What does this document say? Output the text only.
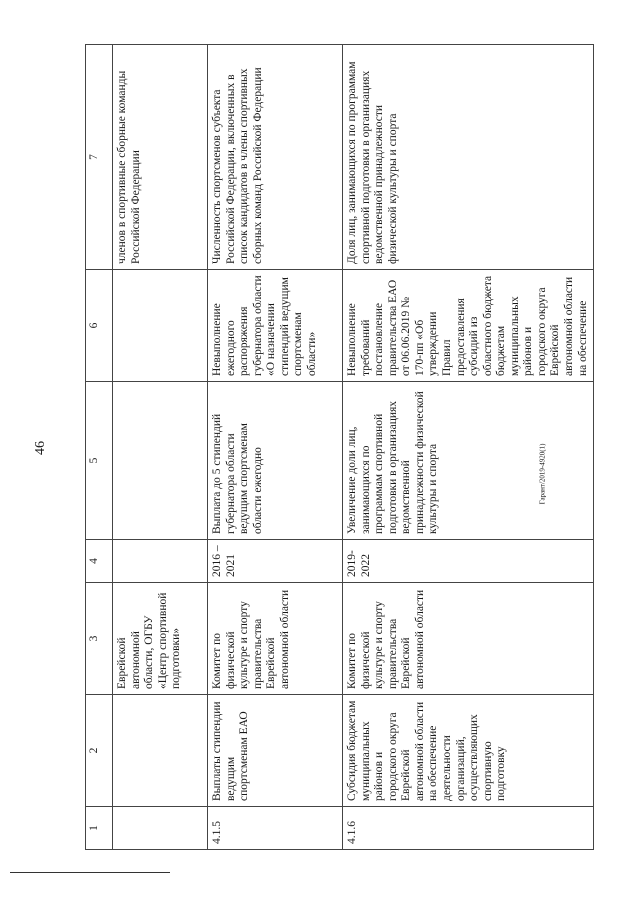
46	Гарант/2019-4920(1)
1	2	3	4	5	6	7
		Еврейской автономной области, ОГБУ «Центр спортивной подготовки»				членов в спортивные сборные команды Российской Федерации
4.1.5	Выплаты стипендии ведущим спортсменам ЕАО	Комитет по физической культуре и спорту правительства Еврейской автономной области	2016 – 2021	Выплата до 5 стипендий губернатора области ведущим спортсменам области ежегодно	Невыполнение ежегодного распоряжения губернатора области «О назначении стипендий ведущим спортсменам области»	Численность спортсменов субъекта Российской Федерации, включенных в список кандидатов в члены спортивных сборных команд Российской Федерации
4.1.6	Субсидия бюджетам муниципальных районов и городского округа Еврейской автономной области на обеспечение деятельности организаций, осуществляющих спортивную подготовку	Комитет по физической культуре и спорту правительства Еврейской автономной области	2019-2022	Увеличение доли лиц, занимающихся по программам спортивной подготовки в организациях ведомственной принадлежности физической культуры и спорта	Невыполнение требований постановление правительства ЕАО от 06.06.2019 № 170-пп «Об утверждении Правил предоставления субсидий из областного бюджета бюджетам муниципальных районов и городского округа Еврейской автономной области на обеспечение	Доля лиц, занимающихся по программам спортивной подготовки в организациях ведомственной принадлежности физической культуры и спорта
